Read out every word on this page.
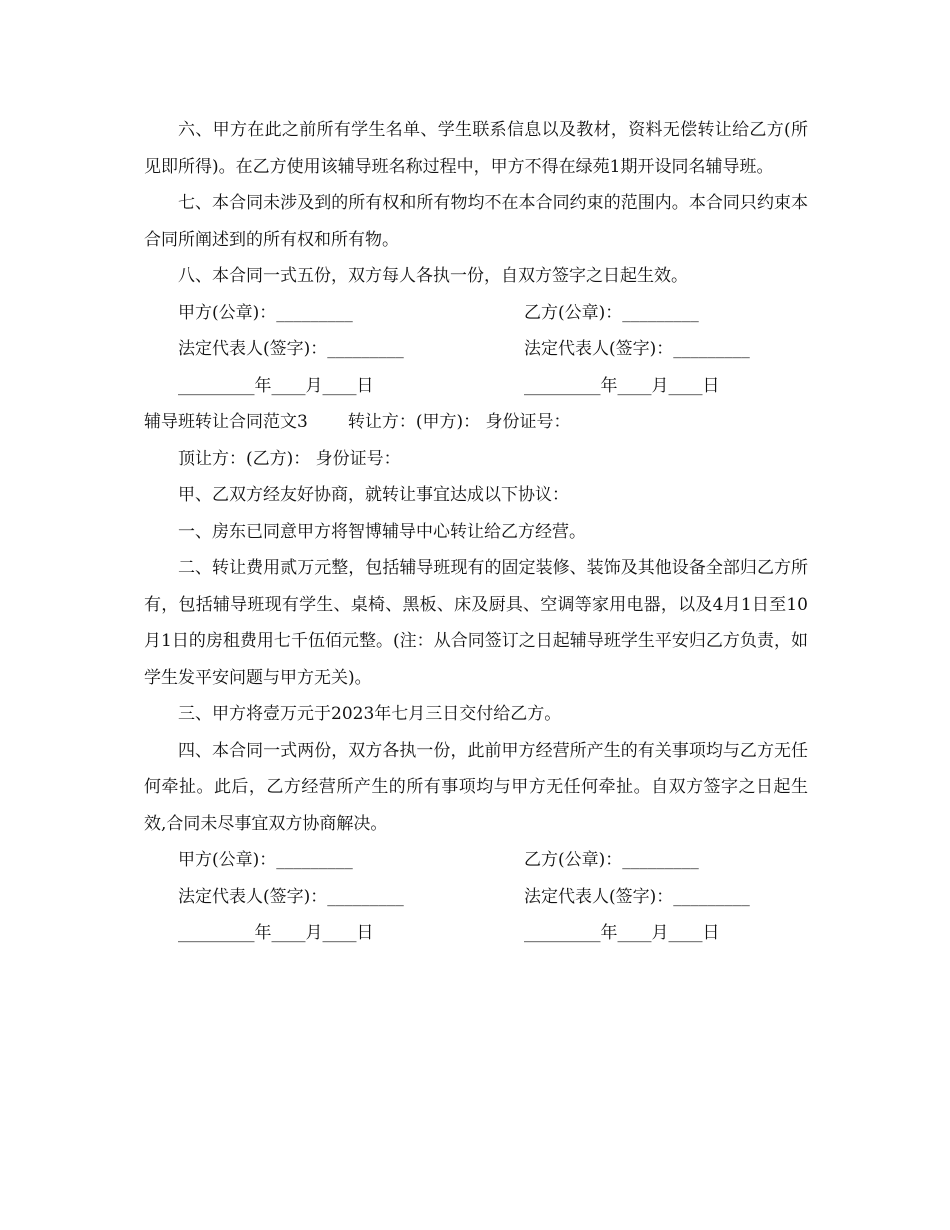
六、甲方在此之前所有学生名单、学生联系信息以及教材，资料无偿转让给乙方(所见即所得)。在乙方使用该辅导班名称过程中，甲方不得在绿苑1期开设同名辅导班。

七、本合同未涉及到的所有权和所有物均不在本合同约束的范围内。本合同只约束本合同所阐述到的所有权和所有物。

八、本合同一式五份，双方每人各执一份，自双方签字之日起生效。

甲方(公章)：_________	乙方(公章)：_________
法定代表人(签字)：_________	法定代表人(签字)：_________
_________年____月____日	_________年____月____日

辅导班转让合同范文3 转让方：(甲方)： 身份证号：

顶让方：(乙方)： 身份证号：

甲、乙双方经友好协商，就转让事宜达成以下协议：

一、房东已同意甲方将智博辅导中心转让给乙方经营。

二、转让费用贰万元整，包括辅导班现有的固定装修、装饰及其他设备全部归乙方所有，包括辅导班现有学生、桌椅、黑板、床及厨具、空调等家用电器，以及4月1日至10月1日的房租费用七千伍佰元整。(注：从合同签订之日起辅导班学生平安归乙方负责，如学生发平安问题与甲方无关)。

三、甲方将壹万元于2023年七月三日交付给乙方。

四、本合同一式两份，双方各执一份，此前甲方经营所产生的有关事项均与乙方无任何牵扯。此后，乙方经营所产生的所有事项均与甲方无任何牵扯。自双方签字之日起生效,合同未尽事宜双方协商解决。

甲方(公章)：_________	乙方(公章)：_________
法定代表人(签字)：_________	法定代表人(签字)：_________
_________年____月____日	_________年____月____日
